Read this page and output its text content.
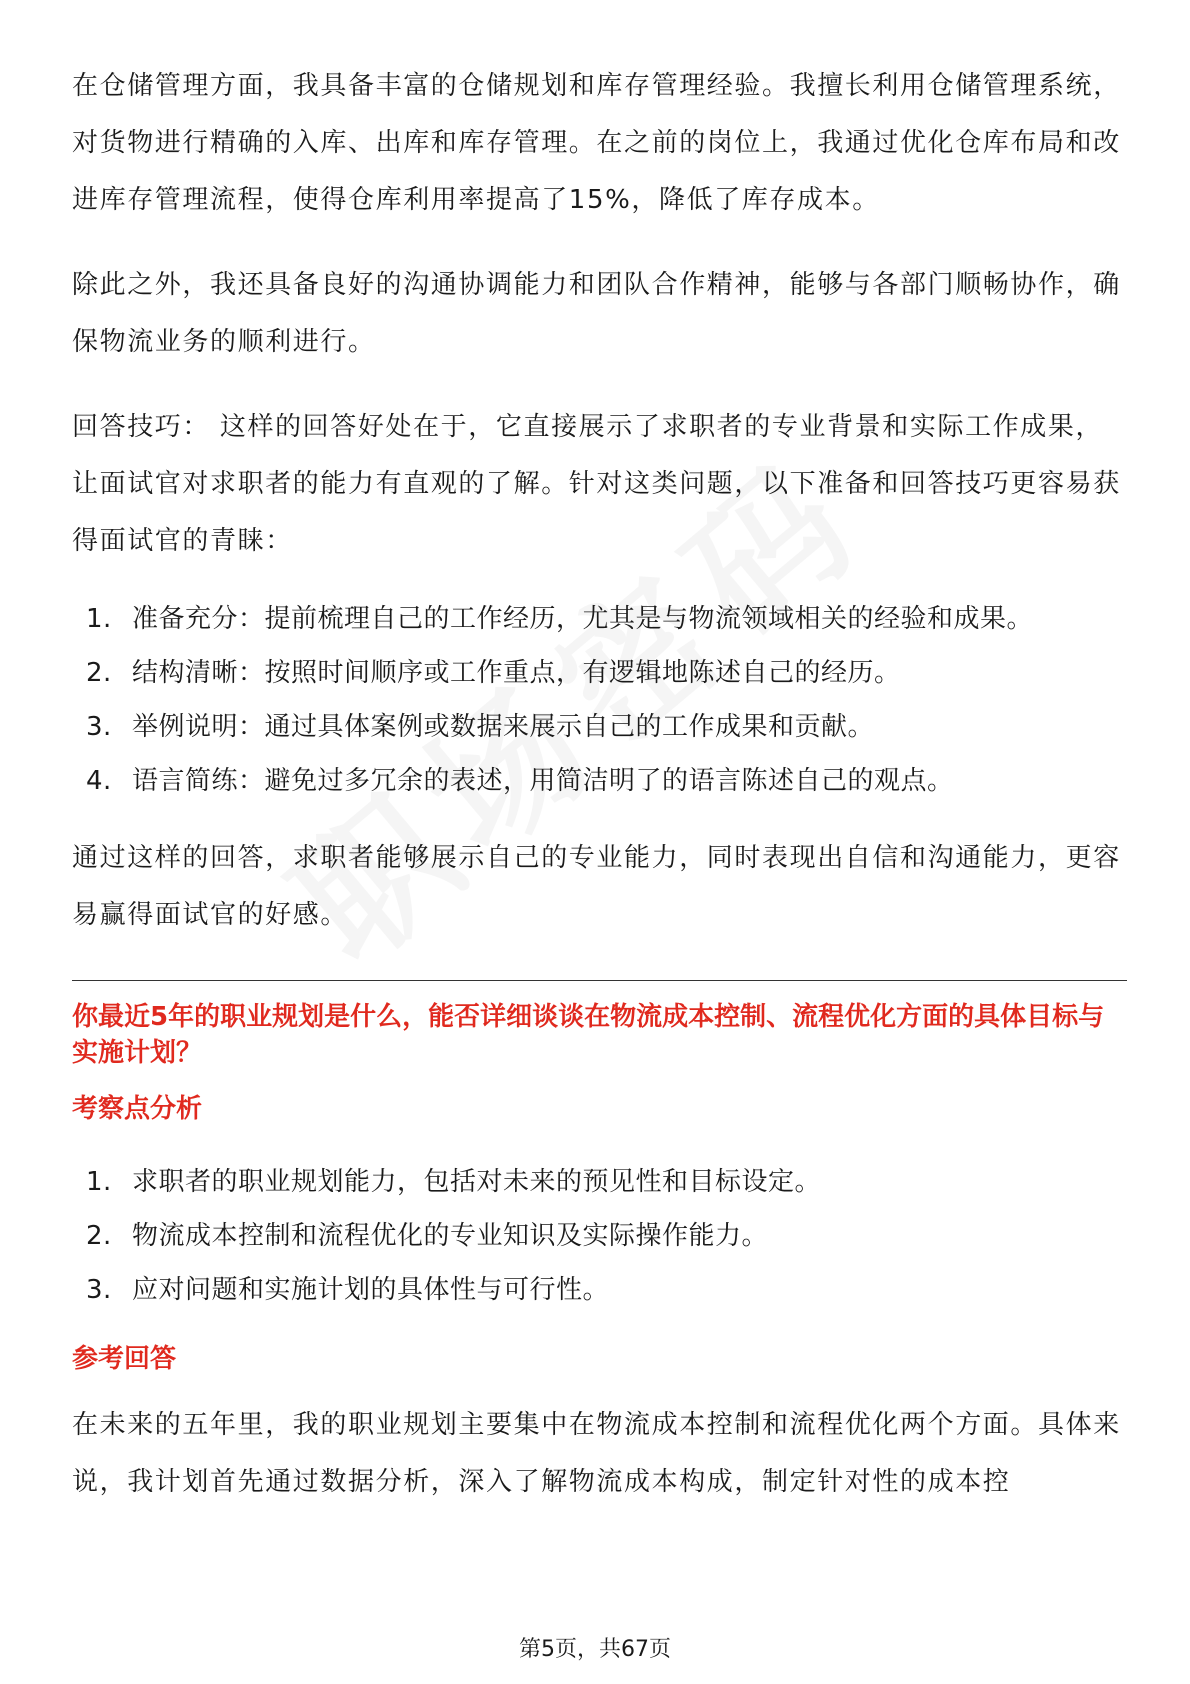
在仓储管理方面，我具备丰富的仓储规划和库存管理经验。我擅长利用仓储管理系统，对货物进行精确的入库、出库和库存管理。在之前的岗位上，我通过优化仓库布局和改进库存管理流程，使得仓库利用率提高了15%，降低了库存成本。

除此之外，我还具备良好的沟通协调能力和团队合作精神，能够与各部门顺畅协作，确保物流业务的顺利进行。

回答技巧： 这样的回答好处在于，它直接展示了求职者的专业背景和实际工作成果，让面试官对求职者的能力有直观的了解。针对这类问题，以下准备和回答技巧更容易获得面试官的青睐：

1. 准备充分：提前梳理自己的工作经历，尤其是与物流领域相关的经验和成果。
2. 结构清晰：按照时间顺序或工作重点，有逻辑地陈述自己的经历。
3. 举例说明：通过具体案例或数据来展示自己的工作成果和贡献。
4. 语言简练：避免过多冗余的表述，用简洁明了的语言陈述自己的观点。

通过这样的回答，求职者能够展示自己的专业能力，同时表现出自信和沟通能力，更容易赢得面试官的好感。

你最近5年的职业规划是什么，能否详细谈谈在物流成本控制、流程优化方面的具体目标与实施计划？

考察点分析

1. 求职者的职业规划能力，包括对未来的预见性和目标设定。
2. 物流成本控制和流程优化的专业知识及实际操作能力。
3. 应对问题和实施计划的具体性与可行性。

参考回答

在未来的五年里，我的职业规划主要集中在物流成本控制和流程优化两个方面。具体来说，我计划首先通过数据分析，深入了解物流成本构成，制定针对性的成本控

第5页，共67页
